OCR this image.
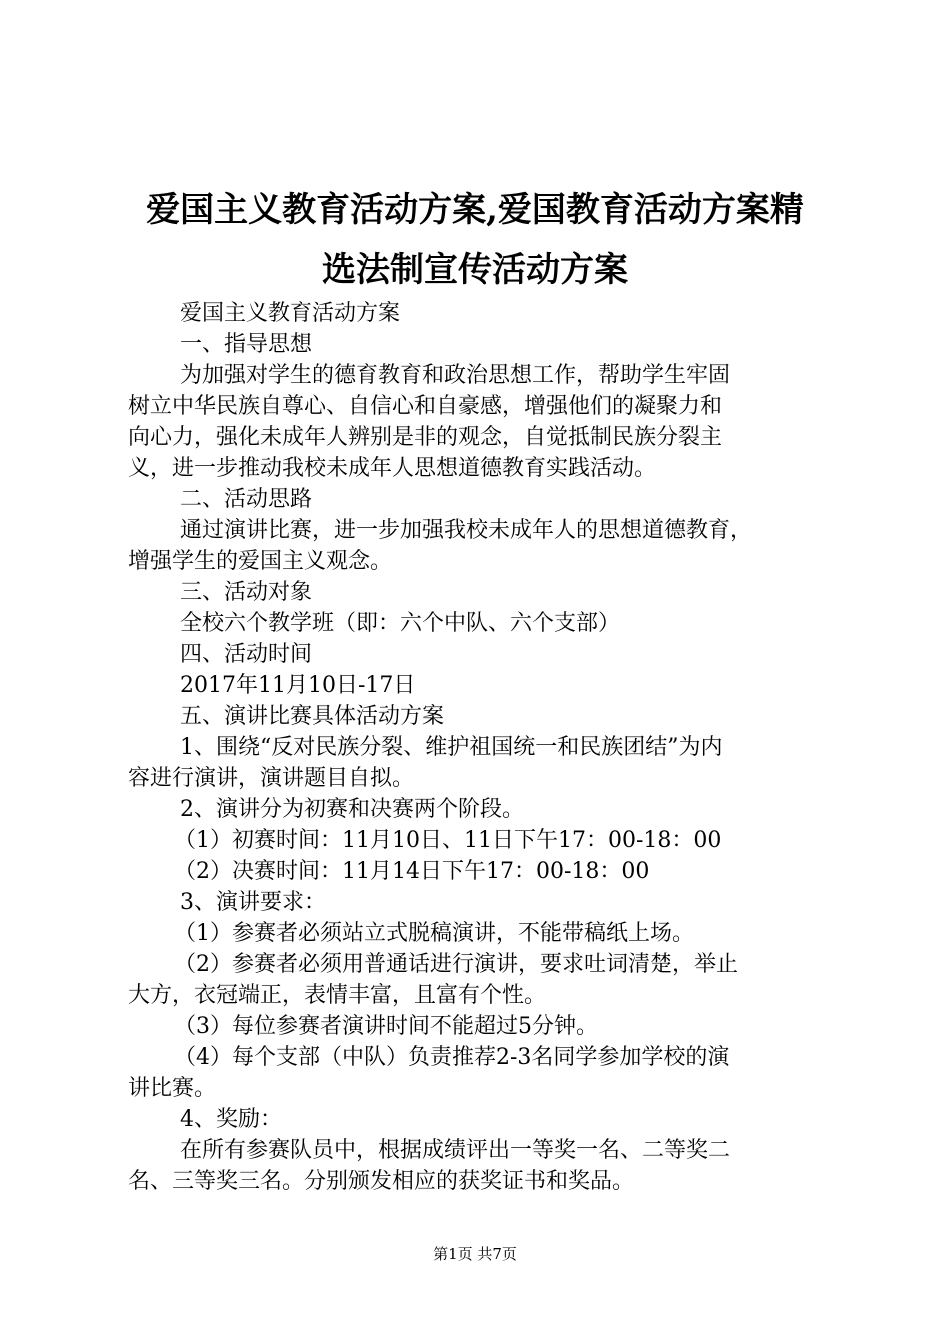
爱国主义教育活动方案,爱国教育活动方案精
选法制宣传活动方案

爱国主义教育活动方案

一、指导思想

为加强对学生的德育教育和政治思想工作，帮助学生牢固

树立中华民族自尊心、自信心和自豪感，增强他们的凝聚力和

向心力，强化未成年人辨别是非的观念，自觉抵制民族分裂主

义，进一步推动我校未成年人思想道德教育实践活动。

二、活动思路

通过演讲比赛，进一步加强我校未成年人的思想道德教育，

增强学生的爱国主义观念。

三、活动对象

全校六个教学班（即：六个中队、六个支部）

四、活动时间

2017年11月10日-17日

五、演讲比赛具体活动方案

1、围绕“反对民族分裂、维护祖国统一和民族团结”为内

容进行演讲，演讲题目自拟。

2、演讲分为初赛和决赛两个阶段。

（1）初赛时间：11月10日、11日下午17：00-18：00

（2）决赛时间：11月14日下午17：00-18：00

3、演讲要求：

（1）参赛者必须站立式脱稿演讲，不能带稿纸上场。

（2）参赛者必须用普通话进行演讲，要求吐词清楚，举止

大方，衣冠端正，表情丰富，且富有个性。

（3）每位参赛者演讲时间不能超过5分钟。

（4）每个支部（中队）负责推荐2-3名同学参加学校的演

讲比赛。

4、奖励：

在所有参赛队员中，根据成绩评出一等奖一名、二等奖二

名、三等奖三名。分别颁发相应的获奖证书和奖品。

第1页 共7页
